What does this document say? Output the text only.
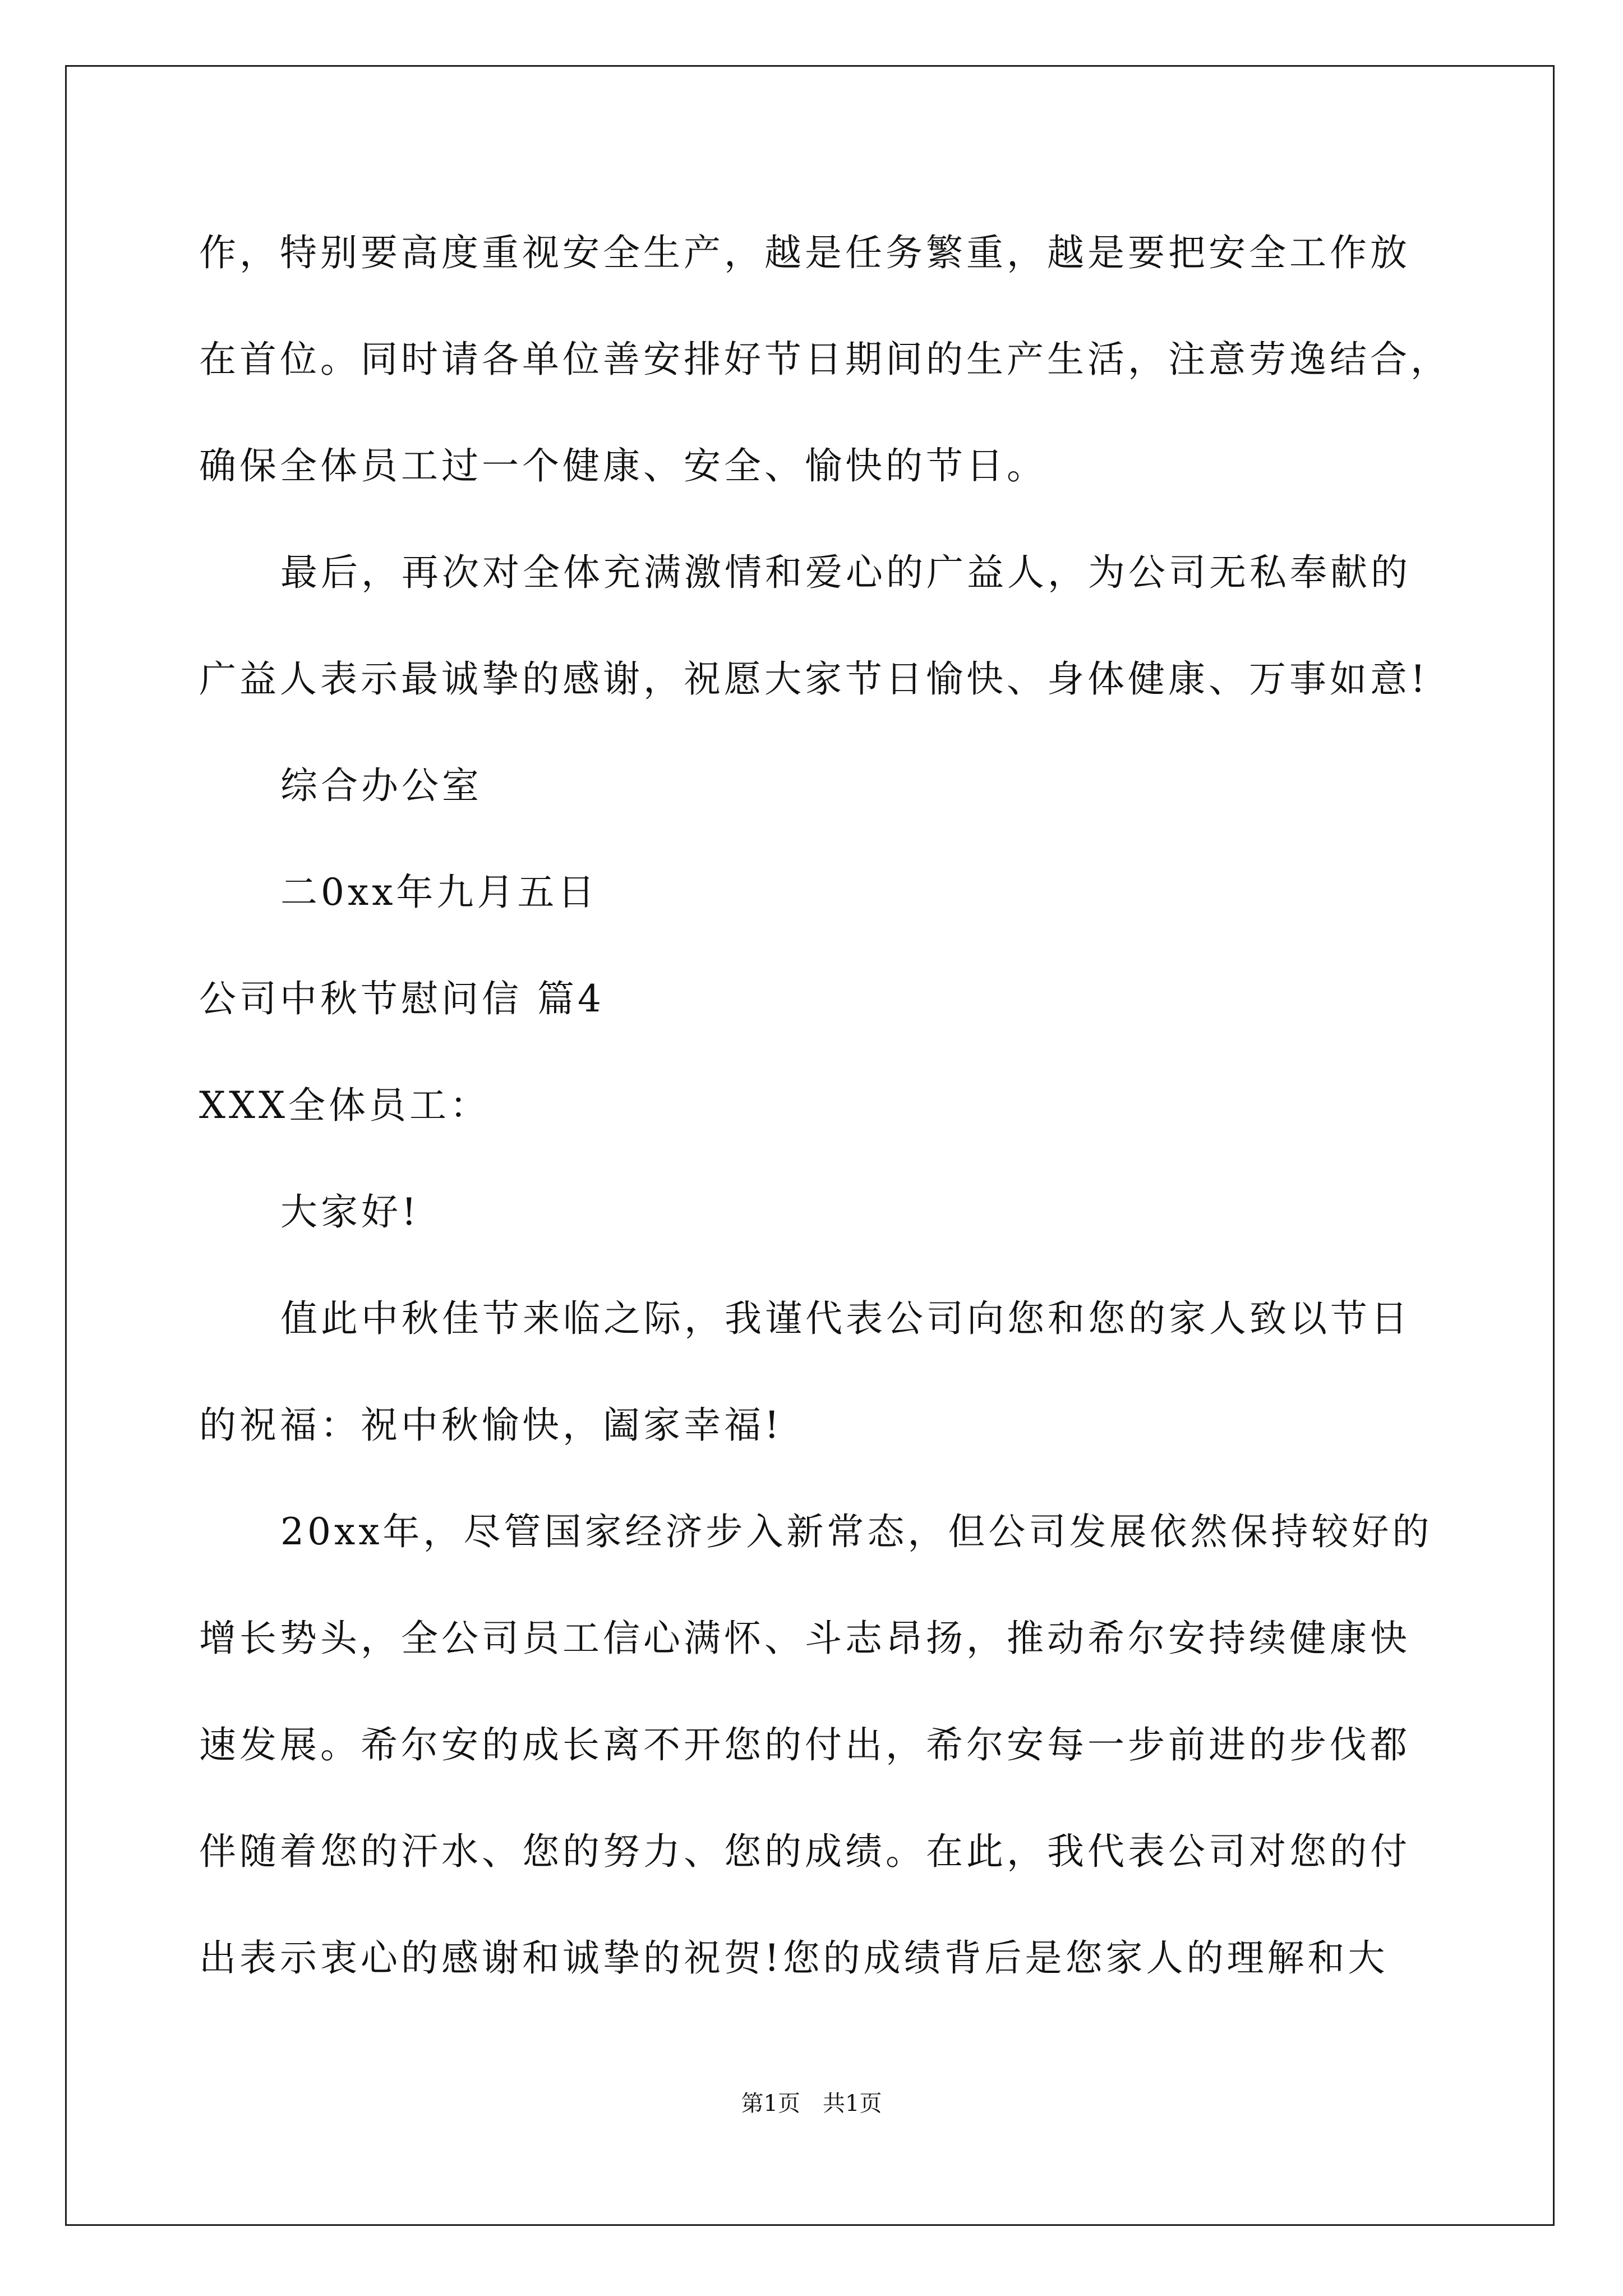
作，特别要高度重视安全生产，越是任务繁重，越是要把安全工作放
在首位。同时请各单位善安排好节日期间的生产生活，注意劳逸结合，
确保全体员工过一个健康、安全、愉快的节日。
最后，再次对全体充满激情和爱心的广益人，为公司无私奉献的
广益人表示最诚挚的感谢，祝愿大家节日愉快、身体健康、万事如意!
综合办公室
二0xx年九月五日
公司中秋节慰问信 篇4
XXX全体员工：
大家好!
值此中秋佳节来临之际，我谨代表公司向您和您的家人致以节日
的祝福：祝中秋愉快，阖家幸福!
20xx年，尽管国家经济步入新常态，但公司发展依然保持较好的
增长势头，全公司员工信心满怀、斗志昂扬，推动希尔安持续健康快
速发展。希尔安的成长离不开您的付出，希尔安每一步前进的步伐都
伴随着您的汗水、您的努力、您的成绩。在此，我代表公司对您的付
出表示衷心的感谢和诚挚的祝贺!您的成绩背后是您家人的理解和大
第1页　共1页
